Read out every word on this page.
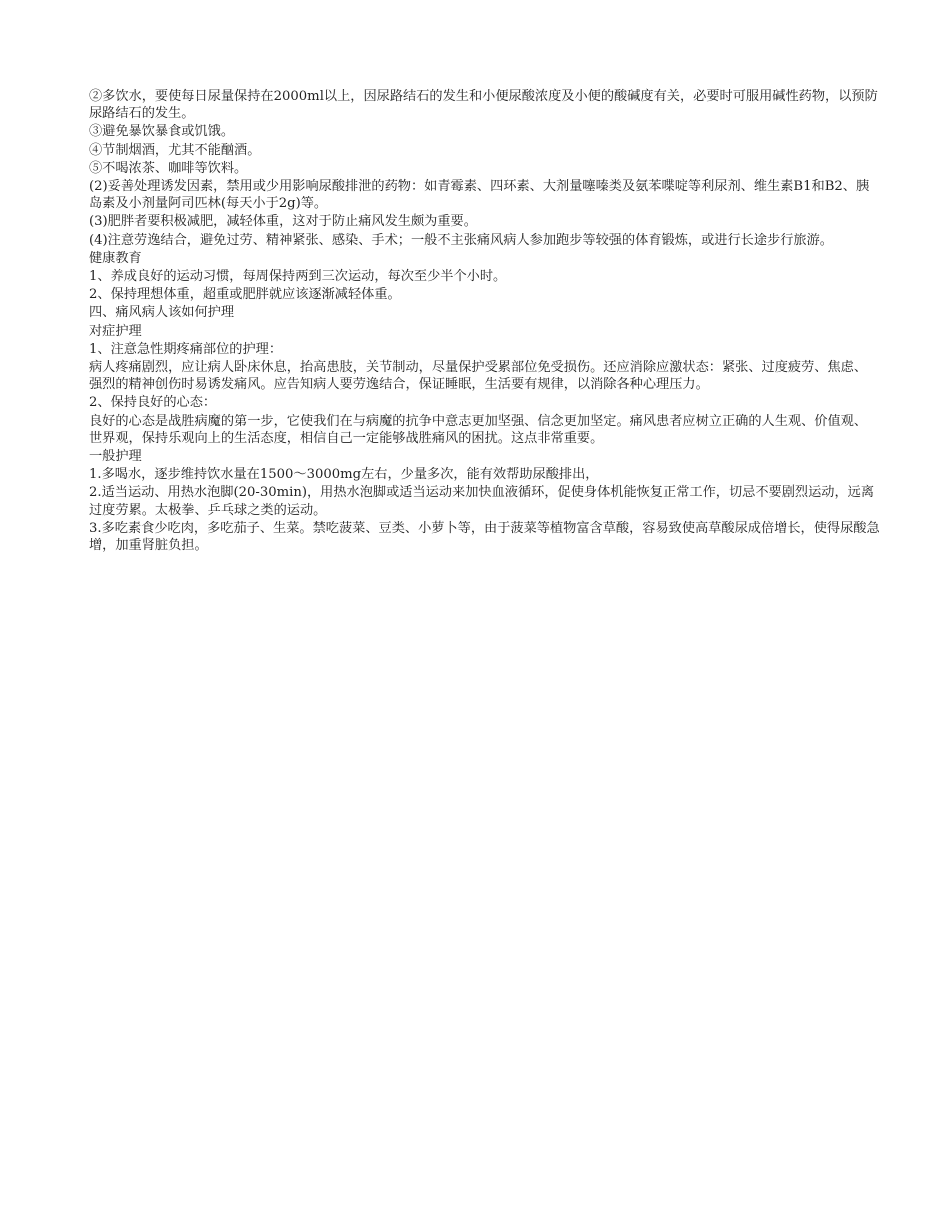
②多饮水，要使每日尿量保持在2000ml以上，因尿路结石的发生和小便尿酸浓度及小便的酸碱度有关，必要时可服用碱性药物，以预防尿路结石的发生。

③避免暴饮暴食或饥饿。

④节制烟酒，尤其不能酗酒。

⑤不喝浓茶、咖啡等饮料。

(2)妥善处理诱发因素，禁用或少用影响尿酸排泄的药物：如青霉素、四环素、大剂量噻嗪类及氨苯喋啶等利尿剂、维生素B1和B2、胰岛素及小剂量阿司匹林(每天小于2g)等。

(3)肥胖者要积极减肥，减轻体重，这对于防止痛风发生颇为重要。

(4)注意劳逸结合，避免过劳、精神紧张、感染、手术；一般不主张痛风病人参加跑步等较强的体育锻炼，或进行长途步行旅游。

健康教育

1、养成良好的运动习惯，每周保持两到三次运动，每次至少半个小时。

2、保持理想体重，超重或肥胖就应该逐渐减轻体重。

四、痛风病人该如何护理

对症护理

1、注意急性期疼痛部位的护理：

病人疼痛剧烈，应让病人卧床休息，抬高患肢，关节制动，尽量保护受累部位免受损伤。还应消除应激状态：紧张、过度疲劳、焦虑、强烈的精神创伤时易诱发痛风。应告知病人要劳逸结合，保证睡眠，生活要有规律，以消除各种心理压力。

2、保持良好的心态：

良好的心态是战胜病魔的第一步，它使我们在与病魔的抗争中意志更加坚强、信念更加坚定。痛风患者应树立正确的人生观、价值观、世界观，保持乐观向上的生活态度，相信自己一定能够战胜痛风的困扰。这点非常重要。

一般护理

1.多喝水，逐步维持饮水量在1500～3000mg左右，少量多次，能有效帮助尿酸排出，

2.适当运动、用热水泡脚(20-30min)，用热水泡脚或适当运动来加快血液循环，促使身体机能恢复正常工作，切忌不要剧烈运动，远离过度劳累。太极拳、乒乓球之类的运动。

3.多吃素食少吃肉，多吃茄子、生菜。禁吃菠菜、豆类、小萝卜等，由于菠菜等植物富含草酸，容易致使高草酸尿成倍增长，使得尿酸急增，加重肾脏负担。
